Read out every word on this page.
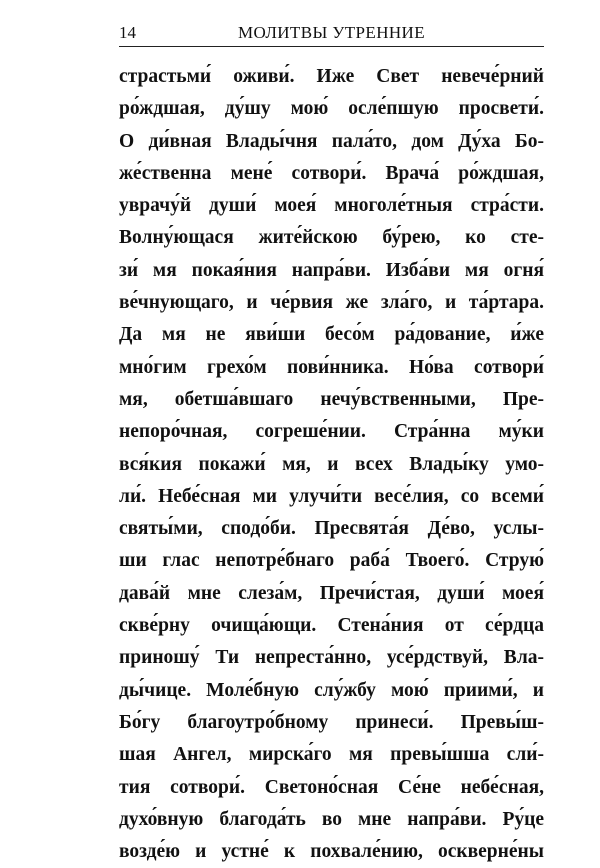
14	МОЛИТВЫ УТРЕННИЕ
страстьми́ оживи́. Иже Свет невече́рний
ро́ждшая, ду́шу мою́ осле́пшую просвети́.
О ди́вная Влады́чня пала́то, дом Ду́ха Бо-
же́ственна мене́ сотвори́. Врача́ ро́ждшая,
уврачу́й души́ моея́ многоле́тныя стра́сти.
Волну́ющася жите́йскою бу́рею, ко сте-
зи́ мя покая́ния напра́ви. Изба́ви мя огня́
ве́чнующаго, и че́рвия же зла́го, и та́ртара.
Да мя не яви́ши бесо́м ра́дование, и́же
мно́гим грехо́м пови́нника. Но́ва сотвори́
мя, обетша́вшаго нечу́вственными, Пре-
непоро́чная, согреше́нии. Стра́нна му́ки
вся́кия покажи́ мя, и всех Влады́ку умо-
ли́. Небе́сная ми улучи́ти весе́лия, со всеми́
святы́ми, сподо́би. Пресвята́я Де́во, услы-
ши глас непотре́бнаго раба́ Твоего́. Струю́
дава́й мне слеза́м, Пречи́стая, души́ моея́
скве́рну очища́ющи. Стена́ния от се́рдца
приношу́ Ти непреста́нно, усе́рдствуй, Вла-
ды́чице. Моле́бную слу́жбу мою́ приими́, и
Бо́гу благоутро́бному принеси́. Превы́ш-
шая Ангел, мирска́го мя превы́шша сли́-
тия сотвори́. Светоно́сная Се́не небе́сная,
духо́вную благода́ть во мне напра́ви. Ру́це
возде́ю и устне́ к похвале́нию, оскверне́ны
